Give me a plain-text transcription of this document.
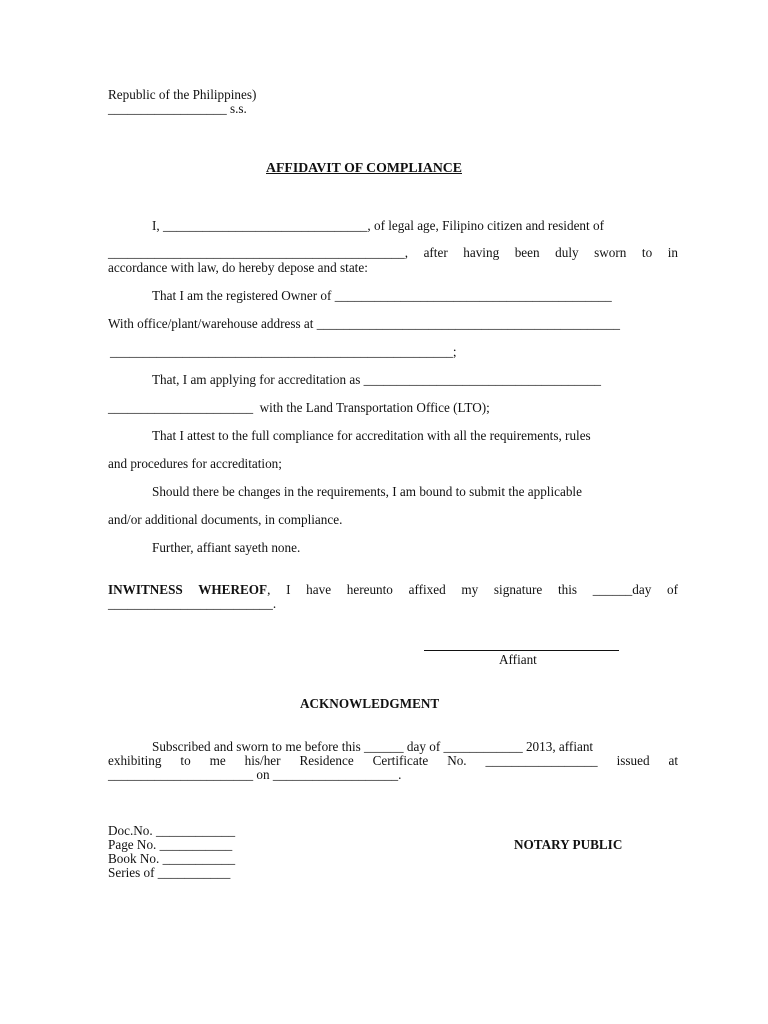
Republic of the Philippines)
__________________ s.s.
AFFIDAVIT OF COMPLIANCE
I, _______________________________, of legal age, Filipino citizen and resident of
_____________________________________________, after having been duly sworn to in
accordance with law, do hereby depose and state:
That I am the registered Owner of __________________________________________
With office/plant/warehouse address at ______________________________________________
____________________________________________________;
That, I am applying for accreditation as ____________________________________
______________________  with the Land Transportation Office (LTO);
That I attest to the full compliance for accreditation with all the requirements, rules
and procedures for accreditation;
Should there be changes in the requirements, I am bound to submit the applicable
and/or additional documents, in compliance.
Further, affiant sayeth none.
INWITNESS WHEREOF, I have hereunto affixed my signature this ______day of
_________________________.
Affiant
ACKNOWLEDGMENT
Subscribed and sworn to me before this ______ day of ____________ 2013, affiant
exhibiting to me his/her Residence Certificate No. _________________ issued at
______________________ on ___________________.
Doc.No. ____________
Page No. ___________
Book No. ___________
Series of ___________
NOTARY PUBLIC
